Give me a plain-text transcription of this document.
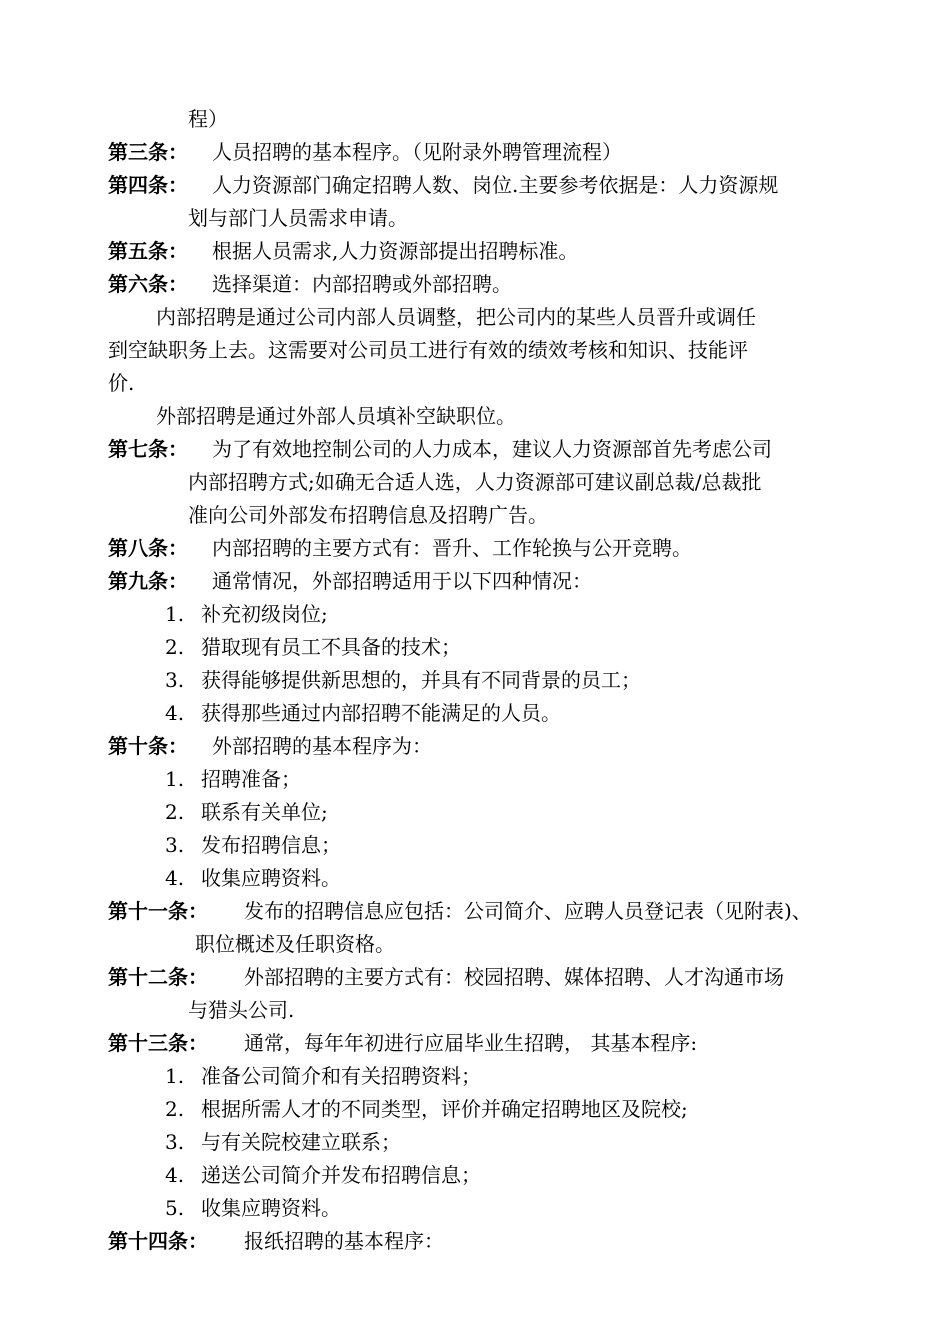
程）
第三条： 人员招聘的基本程序。（见附录外聘管理流程）
第四条： 人力资源部门确定招聘人数、岗位.主要参考依据是：人力资源规
划与部门人员需求申请。
第五条： 根据人员需求,人力资源部提出招聘标准。
第六条： 选择渠道：内部招聘或外部招聘。
内部招聘是通过公司内部人员调整，把公司内的某些人员晋升或调任
到空缺职务上去。这需要对公司员工进行有效的绩效考核和知识、技能评
价.
外部招聘是通过外部人员填补空缺职位。
第七条： 为了有效地控制公司的人力成本，建议人力资源部首先考虑公司
内部招聘方式;如确无合适人选，人力资源部可建议副总裁/总裁批
准向公司外部发布招聘信息及招聘广告。
第八条： 内部招聘的主要方式有：晋升、工作轮换与公开竞聘。
第九条： 通常情况，外部招聘适用于以下四种情况：
1. 补充初级岗位;
2. 猎取现有员工不具备的技术；
3. 获得能够提供新思想的，并具有不同背景的员工；
4. 获得那些通过内部招聘不能满足的人员。
第十条： 外部招聘的基本程序为：
1. 招聘准备；
2. 联系有关单位;
3. 发布招聘信息；
4. 收集应聘资料。
第十一条： 发布的招聘信息应包括：公司简介、应聘人员登记表（见附表)、
职位概述及任职资格。
第十二条： 外部招聘的主要方式有：校园招聘、媒体招聘、人才沟通市场
与猎头公司.
第十三条： 通常，每年年初进行应届毕业生招聘， 其基本程序:
1. 准备公司简介和有关招聘资料；
2. 根据所需人才的不同类型，评价并确定招聘地区及院校;
3. 与有关院校建立联系；
4. 递送公司简介并发布招聘信息；
5. 收集应聘资料。
第十四条： 报纸招聘的基本程序：
